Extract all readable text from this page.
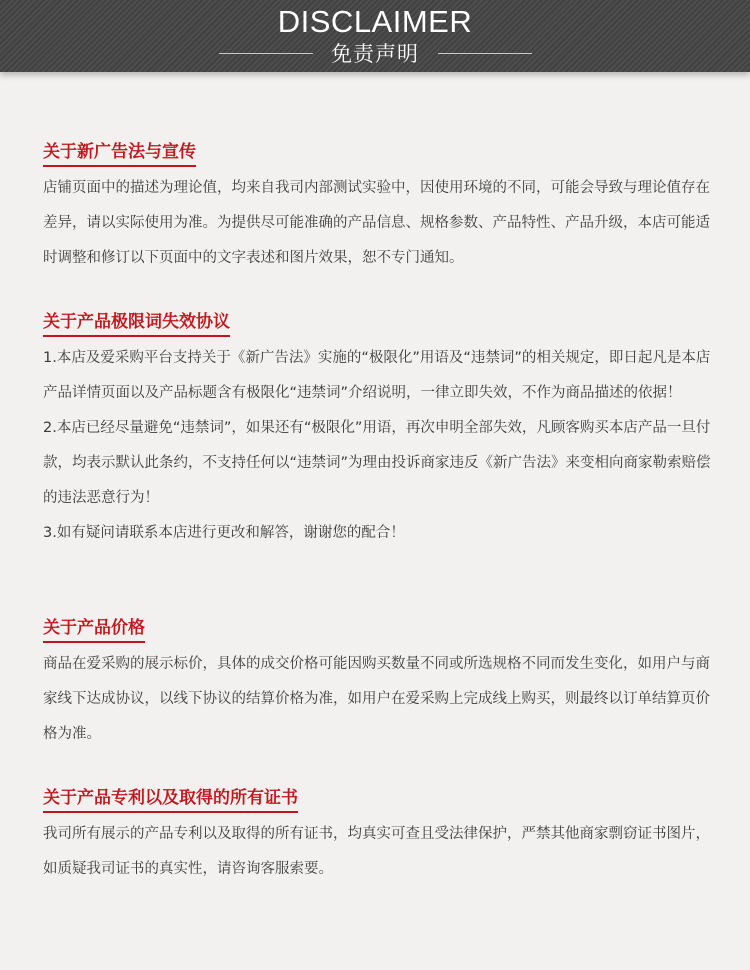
DISCLAIMER
免责声明
关于新广告法与宣传

店铺页面中的描述为理论值，均来自我司内部测试实验中，因使用环境的不同，可能会导致与理论值存在差异，请以实际使用为准。为提供尽可能准确的产品信息、规格参数、产品特性、产品升级，本店可能适时调整和修订以下页面中的文字表述和图片效果，恕不专门通知。

关于产品极限词失效协议

1.本店及爱采购平台支持关于《新广告法》实施的“极限化”用语及“违禁词”的相关规定，即日起凡是本店产品详情页面以及产品标题含有极限化“违禁词”介绍说明，一律立即失效，不作为商品描述的依据！

2.本店已经尽量避免“违禁词”，如果还有“极限化”用语，再次申明全部失效，凡顾客购买本店产品一旦付款，均表示默认此条约，不支持任何以“违禁词”为理由投诉商家违反《新广告法》来变相向商家勒索赔偿的违法恶意行为！

3.如有疑问请联系本店进行更改和解答，谢谢您的配合！

关于产品价格

商品在爱采购的展示标价，具体的成交价格可能因购买数量不同或所选规格不同而发生变化，如用户与商家线下达成协议，以线下协议的结算价格为准，如用户在爱采购上完成线上购买，则最终以订单结算页价格为准。

关于产品专利以及取得的所有证书

我司所有展示的产品专利以及取得的所有证书，均真实可查且受法律保护，严禁其他商家剽窃证书图片，如质疑我司证书的真实性，请咨询客服索要。
